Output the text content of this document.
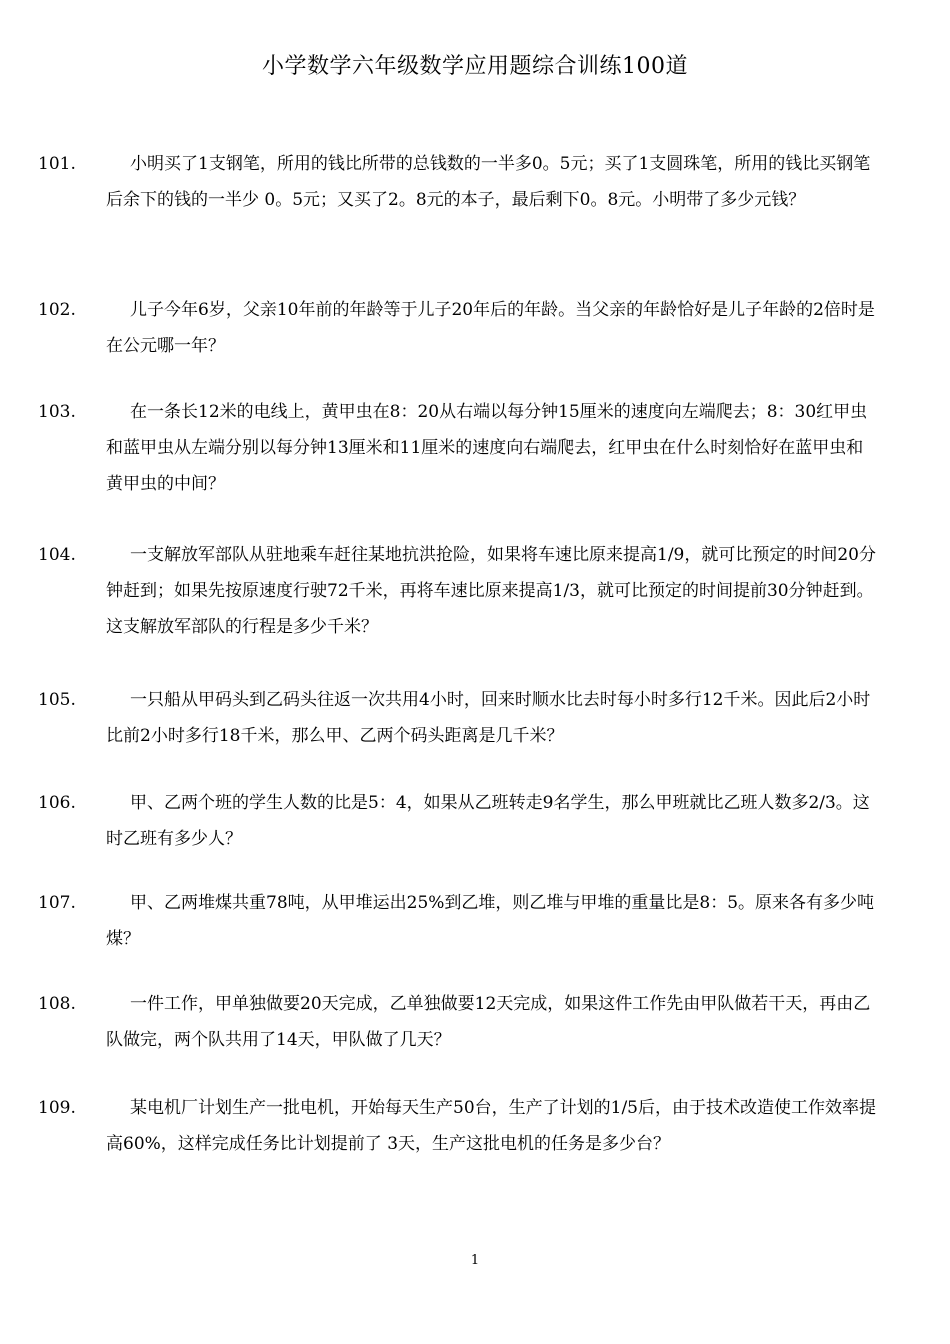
小学数学六年级数学应用题综合训练100道
101.	小明买了1支钢笔，所用的钱比所带的总钱数的一半多0。5元；买了1支圆珠笔，所用的钱比买钢笔后余下的钱的一半少 0。5元；又买了2。8元的本子，最后剩下0。8元。小明带了多少元钱？
102.	儿子今年6岁，父亲10年前的年龄等于儿子20年后的年龄。当父亲的年龄恰好是儿子年龄的2倍时是在公元哪一年？
103.	在一条长12米的电线上，黄甲虫在8：20从右端以每分钟15厘米的速度向左端爬去；8：30红甲虫和蓝甲虫从左端分别以每分钟13厘米和11厘米的速度向右端爬去，红甲虫在什么时刻恰好在蓝甲虫和黄甲虫的中间？
104.	一支解放军部队从驻地乘车赶往某地抗洪抢险，如果将车速比原来提高1/9，就可比预定的时间20分钟赶到；如果先按原速度行驶72千米，再将车速比原来提高1/3，就可比预定的时间提前30分钟赶到。这支解放军部队的行程是多少千米？
105.	一只船从甲码头到乙码头往返一次共用4小时，回来时顺水比去时每小时多行12千米。因此后2小时比前2小时多行18千米，那么甲、乙两个码头距离是几千米？
106.	甲、乙两个班的学生人数的比是5：4，如果从乙班转走9名学生，那么甲班就比乙班人数多2/3。这时乙班有多少人？
107.	甲、乙两堆煤共重78吨，从甲堆运出25%到乙堆，则乙堆与甲堆的重量比是8：5。原来各有多少吨煤？
108.	一件工作，甲单独做要20天完成，乙单独做要12天完成，如果这件工作先由甲队做若干天，再由乙队做完，两个队共用了14天，甲队做了几天？
109.	某电机厂计划生产一批电机，开始每天生产50台，生产了计划的1/5后，由于技术改造使工作效率提高60%，这样完成任务比计划提前了 3天，生产这批电机的任务是多少台？
1
